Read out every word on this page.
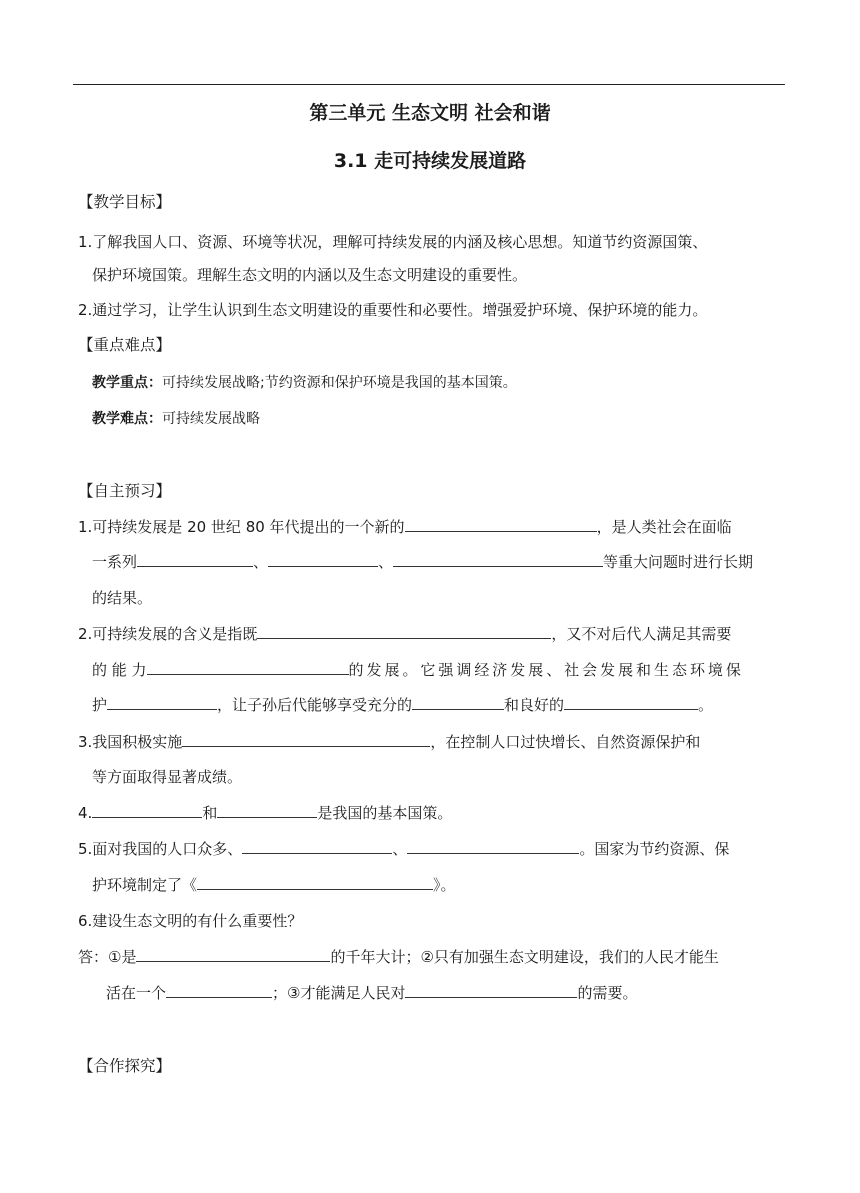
第三单元 生态文明 社会和谐
3.1 走可持续发展道路
【教学目标】
1.了解我国人口、资源、环境等状况，理解可持续发展的内涵及核心思想。知道节约资源国策、
保护环境国策。理解生态文明的内涵以及生态文明建设的重要性。
2.通过学习，让学生认识到生态文明建设的重要性和必要性。增强爱护环境、保护环境的能力。
【重点难点】
教学重点：可持续发展战略;节约资源和保护环境是我国的基本国策。
教学难点：可持续发展战略
【自主预习】
1.可持续发展是 20 世纪 80 年代提出的一个新的	，是人类社会在面临
一系列	、	、	等重大问题时进行长期
的结果。
2.可持续发展的含义是指既	，又不对后代人满足其需要
的 能 力	的 发 展 。 它 强 调 经 济 发 展 、 社 会 发 展 和 生 态 环 境 保
护	，让子孙后代能够享受充分的	和良好的	。
3.我国积极实施	，在控制人口过快增长、自然资源保护和
等方面取得显著成绩。
4.	和	是我国的基本国策。
5.面对我国的人口众多、	、	。国家为节约资源、保
护环境制定了《	》。
6.建设生态文明的有什么重要性？
答：①是	的千年大计；②只有加强生态文明建设，我们的人民才能生
活在一个	；③才能满足人民对	的需要。
【合作探究】
